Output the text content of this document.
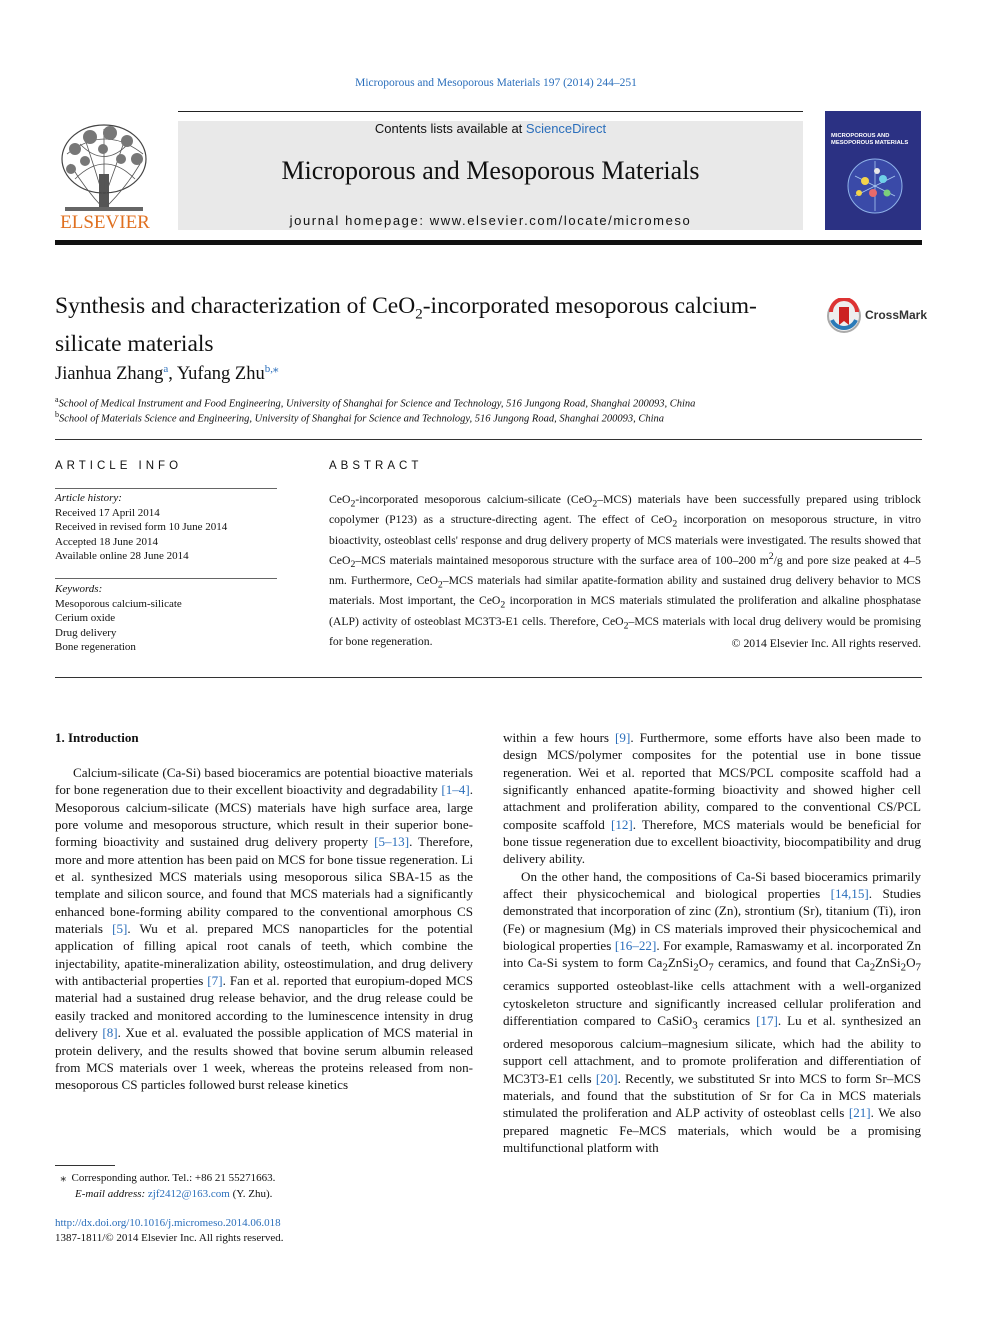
Microporous and Mesoporous Materials 197 (2014) 244–251
ELSEVIER
Contents lists available at ScienceDirect
Microporous and Mesoporous Materials
journal homepage: www.elsevier.com/locate/micromeso
MICROPOROUS AND
MESOPOROUS MATERIALS
Synthesis and characterization of CeO$_2$-incorporated mesoporous calcium-silicate materials
CrossMark
Jianhua Zhang$^a$, Yufang Zhu$^{b,⁎}$
$^a$School of Medical Instrument and Food Engineering, University of Shanghai for Science and Technology, 516 Jungong Road, Shanghai 200093, China
$^b$School of Materials Science and Engineering, University of Shanghai for Science and Technology, 516 Jungong Road, Shanghai 200093, China
ARTICLE INFO
Article history:
Received 17 April 2014
Received in revised form 10 June 2014
Accepted 18 June 2014
Available online 28 June 2014
Keywords:
Mesoporous calcium-silicate
Cerium oxide
Drug delivery
Bone regeneration
ABSTRACT
CeO$_2$-incorporated mesoporous calcium-silicate (CeO$_2$–MCS) materials have been successfully prepared using triblock copolymer (P123) as a structure-directing agent. The effect of CeO$_2$ incorporation on mesoporous structure, in vitro bioactivity, osteoblast cells' response and drug delivery property of MCS materials were investigated. The results showed that CeO$_2$–MCS materials maintained mesoporous structure with the surface area of 100–200 $m^2/g$ and pore size peaked at 4–5 nm. Furthermore, CeO$_2$–MCS materials had similar apatite-formation ability and sustained drug delivery behavior to MCS materials. Most important, the CeO$_2$ incorporation in MCS materials stimulated the proliferation and alkaline phosphatase (ALP) activity of osteoblast MC3T3-E1 cells. Therefore, CeO$_2$–MCS materials with local drug delivery would be promising for bone regeneration.	© 2014 Elsevier Inc. All rights reserved.
1. Introduction

Calcium-silicate (Ca-Si) based bioceramics are potential bioactive materials for bone regeneration due to their excellent bioactivity and degradability [1–4]. Mesoporous calcium-silicate (MCS) materials have high surface area, large pore volume and mesoporous structure, which result in their superior bone-forming bioactivity and sustained drug delivery property [5–13]. Therefore, more and more attention has been paid on MCS for bone tissue regeneration. Li et al. synthesized MCS materials using mesoporous silica SBA-15 as the template and silicon source, and found that MCS materials had a significantly enhanced bone-forming ability compared to the conventional amorphous CS materials [5]. Wu et al. prepared MCS nanoparticles for the potential application of filling apical root canals of teeth, which combine the injectability, apatite-mineralization ability, osteostimulation, and drug delivery with antibacterial properties [7]. Fan et al. reported that europium-doped MCS material had a sustained drug release behavior, and the drug release could be easily tracked and monitored according to the luminescence intensity in drug delivery [8]. Xue et al. evaluated the possible application of MCS material in protein delivery, and the results showed that bovine serum albumin released from MCS materials over 1 week, whereas the proteins released from non-mesoporous CS particles followed burst release kinetics

within a few hours [9]. Furthermore, some efforts have also been made to design MCS/polymer composites for the potential use in bone tissue regeneration. Wei et al. reported that MCS/PCL composite scaffold had a significantly enhanced apatite-forming bioactivity and showed higher cell attachment and proliferation ability, compared to the conventional CS/PCL composite scaffold [12]. Therefore, MCS materials would be beneficial for bone tissue regeneration due to excellent bioactivity, biocompatibility and drug delivery ability.

On the other hand, the compositions of Ca-Si based bioceramics primarily affect their physicochemical and biological properties [14,15]. Studies demonstrated that incorporation of zinc (Zn), strontium (Sr), titanium (Ti), iron (Fe) or magnesium (Mg) in CS materials improved their physicochemical and biological properties [16–22]. For example, Ramaswamy et al. incorporated Zn into Ca-Si system to form $Ca_2ZnSi_2O_7$ ceramics, and found that $Ca_2ZnSi_2O_7$ ceramics supported osteoblast-like cells attachment with a well-organized cytoskeleton structure and significantly increased cellular proliferation and differentiation compared to CaSiO$_3$ ceramics [17]. Lu et al. synthesized an ordered mesoporous calcium–magnesium silicate, which had the ability to support cell attachment, and to promote proliferation and differentiation of MC3T3-E1 cells [20]. Recently, we substituted Sr into MCS to form Sr–MCS materials, and found that the substitution of Sr for Ca in MCS materials stimulated the proliferation and ALP activity of osteoblast cells [21]. We also prepared magnetic Fe–MCS materials, which would be a promising multifunctional platform with

⁎ Corresponding author. Tel.: +86 21 55271663.
E-mail address: zjf2412@163.com (Y. Zhu).
http://dx.doi.org/10.1016/j.micromeso.2014.06.018
1387-1811/© 2014 Elsevier Inc. All rights reserved.
